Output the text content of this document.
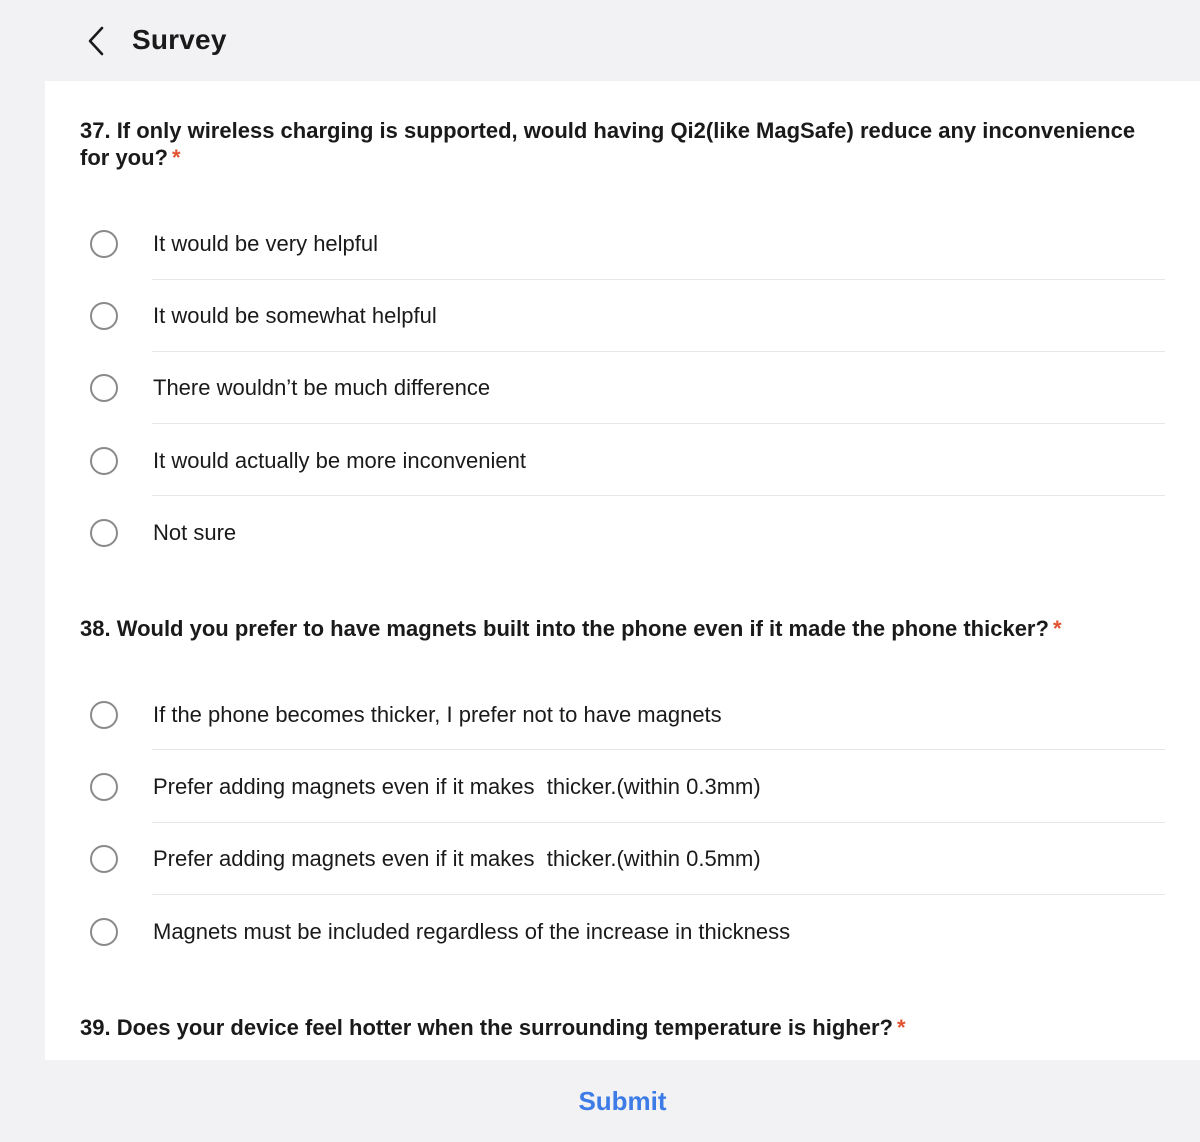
Survey
37. If only wireless charging is supported, would having Qi2(like MagSafe) reduce any inconvenience for you? *
It would be very helpful
It would be somewhat helpful
There wouldn’t be much difference
It would actually be more inconvenient
Not sure
38. Would you prefer to have magnets built into the phone even if it made the phone thicker? *
If the phone becomes thicker, I prefer not to have magnets
Prefer adding magnets even if it makes  thicker.(within 0.3mm)
Prefer adding magnets even if it makes  thicker.(within 0.5mm)
Magnets must be included regardless of the increase in thickness
39. Does your device feel hotter when the surrounding temperature is higher? *
Submit
